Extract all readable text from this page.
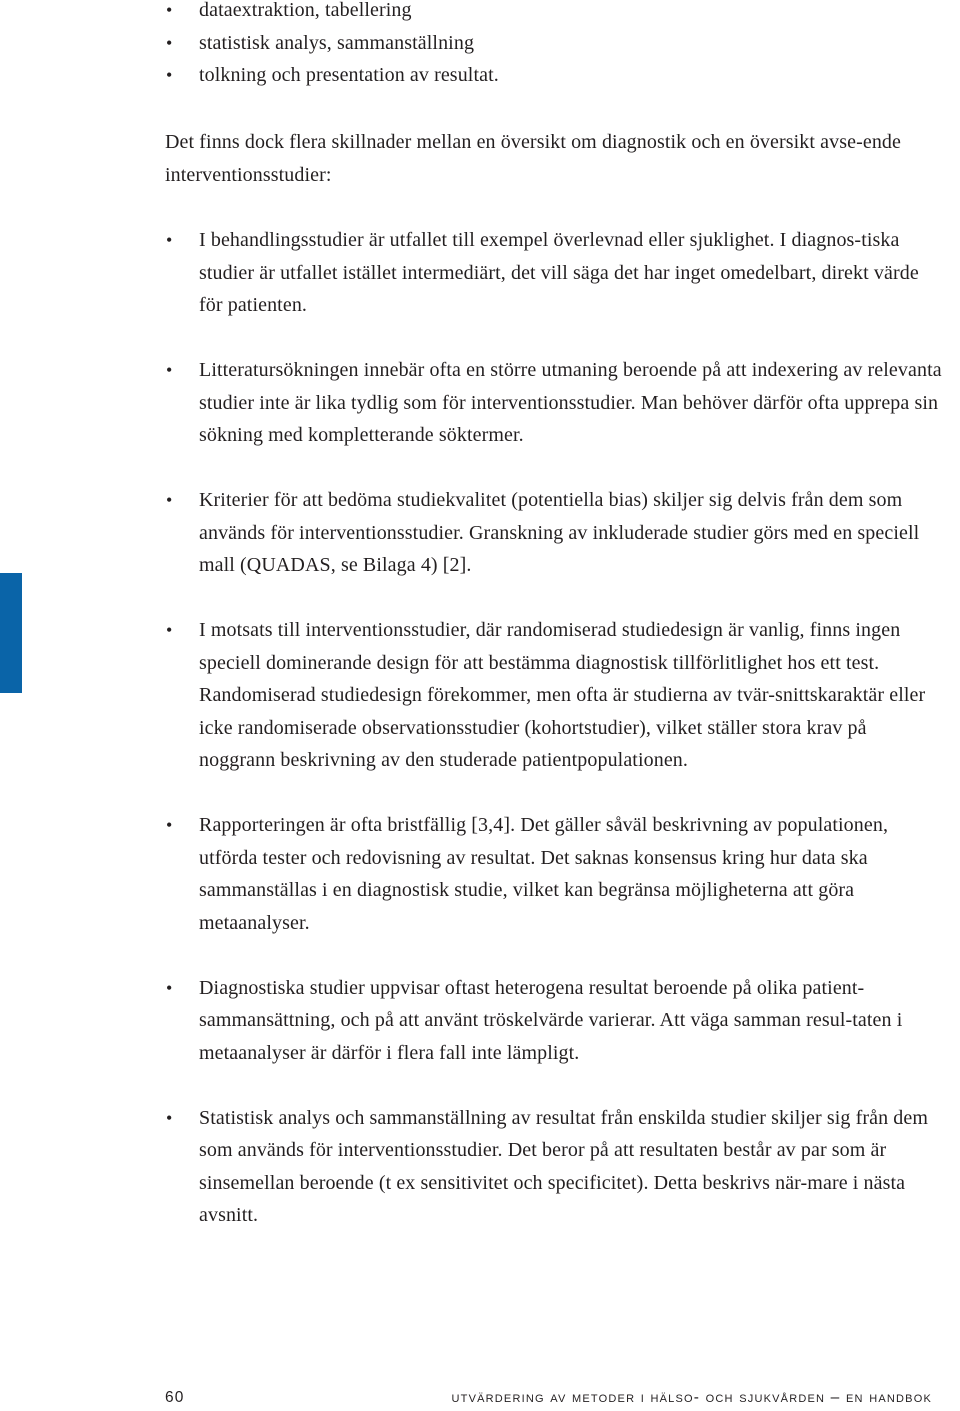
• dataextraktion, tabellering
• statistisk analys, sammanställning
• tolkning och presentation av resultat.

Det finns dock flera skillnader mellan en översikt om diagnostik och en översikt avse-ende interventionsstudier:

• I behandlingsstudier är utfallet till exempel överlevnad eller sjuklighet. I diagnos-tiska studier är utfallet istället intermediärt, det vill säga det har inget omedelbart, direkt värde för patienten.
• Litteratursökningen innebär ofta en större utmaning beroende på att indexering av relevanta studier inte är lika tydlig som för interventionsstudier. Man behöver därför ofta upprepa sin sökning med kompletterande söktermer.
• Kriterier för att bedöma studiekvalitet (potentiella bias) skiljer sig delvis från dem som används för interventionsstudier. Granskning av inkluderade studier görs med en speciell mall (QUADAS, se Bilaga 4) [2].
• I motsats till interventionsstudier, där randomiserad studiedesign är vanlig, finns ingen speciell dominerande design för att bestämma diagnostisk tillförlitlighet hos ett test. Randomiserad studiedesign förekommer, men ofta är studierna av tvär-snittskaraktär eller icke randomiserade observationsstudier (kohortstudier), vilket ställer stora krav på noggrann beskrivning av den studerade patientpopulationen.
• Rapporteringen är ofta bristfällig [3,4]. Det gäller såväl beskrivning av populationen, utförda tester och redovisning av resultat. Det saknas konsensus kring hur data ska sammanställas i en diagnostisk studie, vilket kan begränsa möjligheterna att göra metaanalyser.
• Diagnostiska studier uppvisar oftast heterogena resultat beroende på olika patient-sammansättning, och på att använt tröskelvärde varierar. Att väga samman resul-taten i metaanalyser är därför i flera fall inte lämpligt.
• Statistisk analys och sammanställning av resultat från enskilda studier skiljer sig från dem som används för interventionsstudier. Det beror på att resultaten består av par som är sinsemellan beroende (t ex sensitivitet och specificitet). Detta beskrivs när-mare i nästa avsnitt.
60	utvärdering av metoder i hälso- och sjukvården – en handbok
